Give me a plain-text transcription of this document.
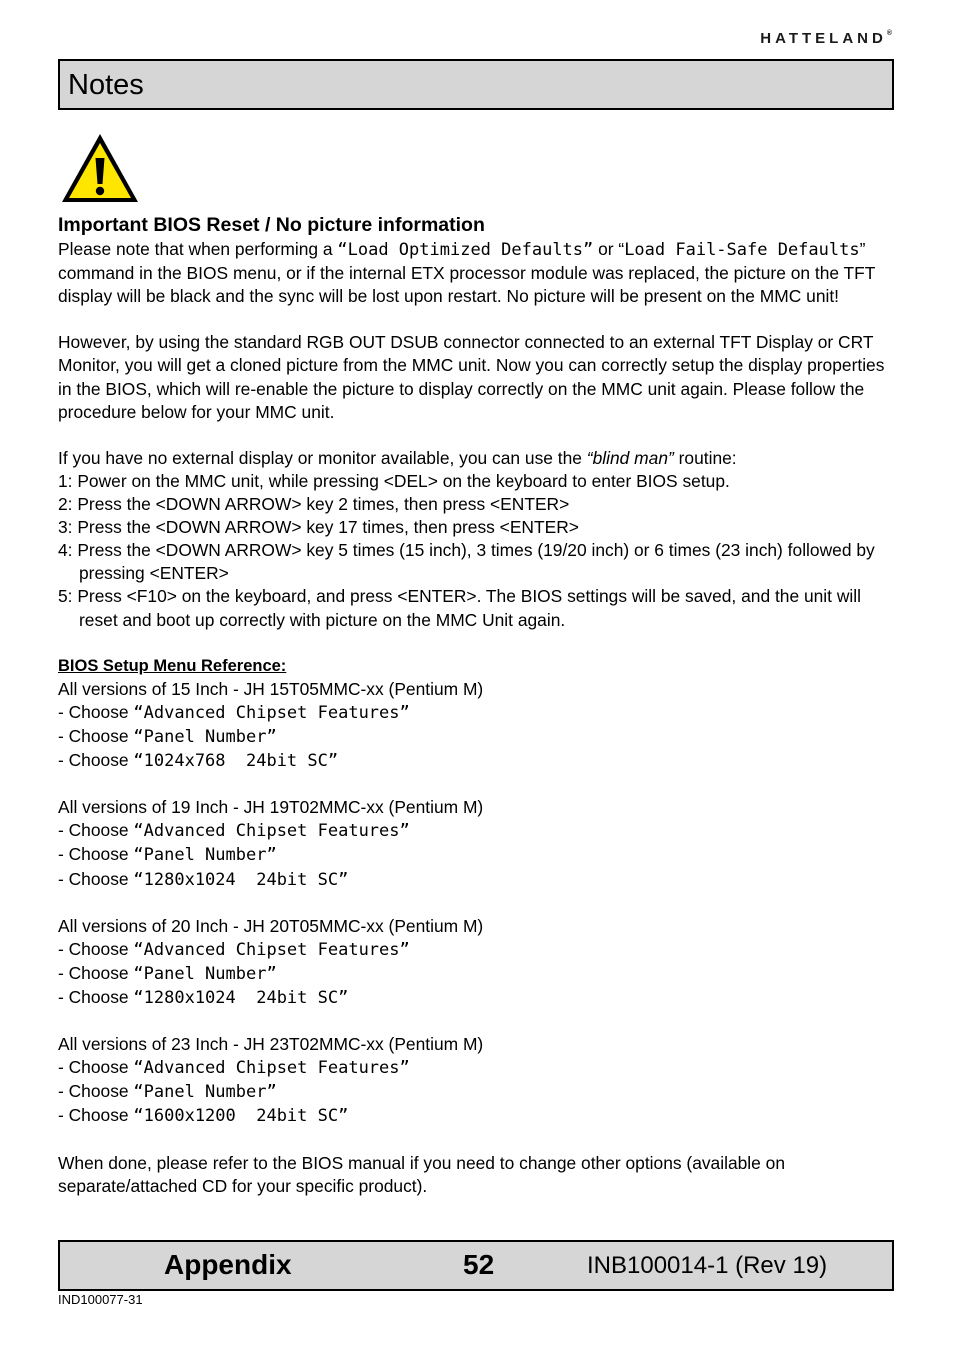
HATTELAND®
Notes

Important BIOS Reset / No picture information

Please note that when performing a “Load Optimized Defaults” or “Load Fail-Safe Defaults” command in the BIOS menu, or if the internal ETX processor module was replaced, the picture on the TFT display will be black and the sync will be lost upon restart. No picture will be present on the MMC unit!

However, by using the standard RGB OUT DSUB connector connected to an external TFT Display or CRT Monitor, you will get a cloned picture from the MMC unit. Now you can correctly setup the display properties in the BIOS, which will re-enable the picture to display correctly on the MMC unit again. Please follow the procedure below for your MMC unit.

If you have no external display or monitor available, you can use the “blind man” routine:

1: Power on the MMC unit, while pressing <DEL> on the keyboard to enter BIOS setup.
2: Press the <DOWN ARROW> key 2 times, then press <ENTER>
3: Press the <DOWN ARROW> key 17 times, then press <ENTER>
4: Press the <DOWN ARROW> key 5 times (15 inch), 3 times (19/20 inch) or 6 times (23 inch) followed by pressing <ENTER>
5: Press <F10> on the keyboard, and press <ENTER>. The BIOS settings will be saved, and the unit will reset and boot up correctly with picture on the MMC Unit again.

BIOS Setup Menu Reference:

All versions of 15 Inch - JH 15T05MMC-xx (Pentium M)

- Choose “Advanced Chipset Features”

- Choose “Panel Number”

- Choose “1024x768  24bit SC”

All versions of 19 Inch - JH 19T02MMC-xx (Pentium M)

- Choose “Advanced Chipset Features”

- Choose “Panel Number”

- Choose “1280x1024  24bit SC”

All versions of 20 Inch - JH 20T05MMC-xx (Pentium M)

- Choose “Advanced Chipset Features”

- Choose “Panel Number”

- Choose “1280x1024  24bit SC”

All versions of 23 Inch - JH 23T02MMC-xx (Pentium M)

- Choose “Advanced Chipset Features”

- Choose “Panel Number”

- Choose “1600x1200  24bit SC”

When done, please refer to the BIOS manual if you need to change other options (available on separate/attached CD for your specific product).

Appendix	52	INB100014-1 (Rev 19)
IND100077-31
